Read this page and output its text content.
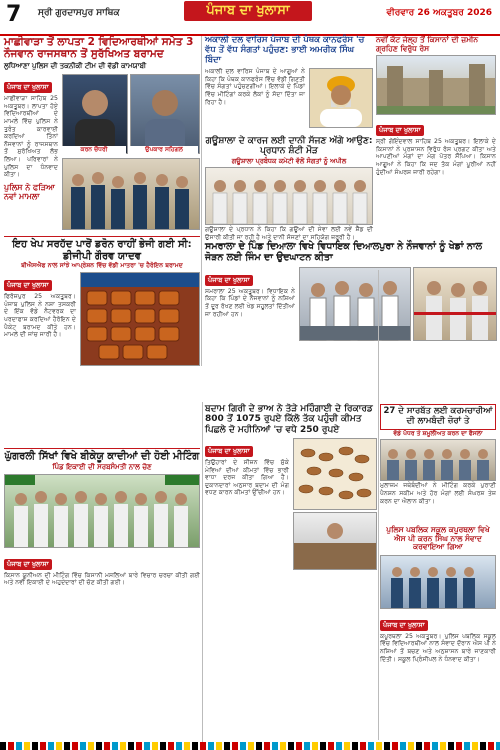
7 ਸ੍ਰੀ ਗੁਰਦਾਸਪੁਰ ਸਾਥਿਕ	ਪੰਜਾਬ ਦਾ ਖੁਲਾਸਾ	ਵੀਰਵਾਰ 26 ਅਕਤੂਬਰ 2026
ਮਾਛੀਵਾੜਾ ਤੋਂ ਲਾਪਤਾ 2 ਵਿਦਿਆਰਥੀਆਂ ਸਮੇਤ 3 ਨੌਜਵਾਨ ਰਾਜਸਥਾਨ ਤੋਂ ਸੁਰੱਖਿਅਤ ਬਰਾਮਦ
ਲੁਧਿਆਣਾ ਪੁਲਿਸ ਦੀ ਤਕਨੀਕੀ ਟੀਮ ਦੀ ਵੱਡੀ ਕਾਮਯਾਬੀ
ਪੰਜਾਬ ਦਾ ਖੁਲਾਸਾ
ਮਾਛੀਵਾੜਾ ਸਾਹਿਬ 25 ਅਕਤੂਬਰ। ਲਾਪਤਾ ਹੋਏ ਵਿਦਿਆਰਥੀਆਂ ਦੇ ਮਾਮਲੇ ਵਿੱਚ ਪੁਲਿਸ ਨੇ ਤੁਰੰਤ ਕਾਰਵਾਈ ਕਰਦਿਆਂ ਤਿੰਨਾਂ ਨੌਜਵਾਨਾਂ ਨੂੰ ਰਾਜਸਥਾਨ ਤੋਂ ਸੁਰੱਖਿਅਤ ਲੱਭ ਲਿਆ। ਪਰਿਵਾਰਾਂ ਨੇ ਪੁਲਿਸ ਦਾ ਧੰਨਵਾਦ ਕੀਤਾ।
ਪੁਲਿਸ ਨੇ ਫੜਿਆ ਨਵਾਂ ਮਾਮਲਾ
ਕਰਨ ਚੌਧਰੀ	ਉਪਕਾਰ ਸਹਿਗਲ
ਅਕਾਲੀ ਦਲ ਵਾਰਿਸ ਪੰਜਾਬ ਦੀ ਪੰਥਕ ਕਾਨਫਰੰਸ 'ਚ ਵੱਧ ਤੋਂ ਵੱਧ ਸੰਗਤਾਂ ਪਹੁੰਚਣ: ਭਾਈ ਅਮਰੀਕ ਸਿੰਘ ਬਿੰਦਾ
ਅਕਾਲੀ ਦਲ ਵਾਰਿਸ ਪੰਜਾਬ ਦੇ ਆਗੂਆਂ ਨੇ ਕਿਹਾ ਕਿ ਪੰਥਕ ਕਾਨਫਰੰਸ ਵਿੱਚ ਵੱਡੀ ਗਿਣਤੀ ਵਿੱਚ ਸੰਗਤਾਂ ਪਹੁੰਚਣਗੀਆਂ। ਇਲਾਕੇ ਦੇ ਪਿੰਡਾਂ ਵਿੱਚ ਮੀਟਿੰਗਾਂ ਕਰਕੇ ਲੋਕਾਂ ਨੂੰ ਸੱਦਾ ਦਿੱਤਾ ਜਾ ਰਿਹਾ ਹੈ।
ਨਵੀਂ ਕੋਟ ਜੇਲ੍ਹ ਤੋਂ ਕਿਸਾਨਾਂ ਦੀ ਜ਼ਮੀਨ ਗ੍ਰਹਿਣ ਵਿਰੁੱਧ ਰੋਸ
ਪੰਜਾਬ ਦਾ ਖੁਲਾਸਾ
ਸ੍ਰੀ ਗੋਇੰਦਵਾਲ ਸਾਹਿਬ 25 ਅਕਤੂਬਰ। ਇਲਾਕੇ ਦੇ ਕਿਸਾਨਾਂ ਨੇ ਪ੍ਰਸ਼ਾਸਨ ਵਿਰੁੱਧ ਰੋਸ ਪ੍ਰਗਟ ਕੀਤਾ ਅਤੇ ਆਪਣੀਆਂ ਮੰਗਾਂ ਦਾ ਮੰਗ ਪੱਤਰ ਸੌਂਪਿਆ। ਕਿਸਾਨ ਆਗੂਆਂ ਨੇ ਕਿਹਾ ਕਿ ਜਦ ਤੱਕ ਮੰਗਾਂ ਪੂਰੀਆਂ ਨਹੀਂ ਹੁੰਦੀਆਂ ਸੰਘਰਸ਼ ਜਾਰੀ ਰਹੇਗਾ।
ਗਊਸ਼ਾਲਾ ਦੇ ਕਾਰਜ ਲਈ ਦਾਨੀ ਸੱਜਣ ਅੱਗੇ ਆਉਣ: ਪ੍ਰਧਾਨ ਸ਼ੰਟੀ ਮੌੜ
ਗਊਸ਼ਾਲਾ ਪ੍ਰਬੰਧਕ ਕਮੇਟੀ ਵੱਲੋਂ ਸੰਗਤਾਂ ਨੂੰ ਅਪੀਲ
ਗਊਸ਼ਾਲਾ ਦੇ ਪ੍ਰਧਾਨ ਨੇ ਕਿਹਾ ਕਿ ਗਊਆਂ ਦੀ ਸੇਵਾ ਲਈ ਨਵੇਂ ਸ਼ੈੱਡ ਦੀ ਉਸਾਰੀ ਕੀਤੀ ਜਾ ਰਹੀ ਹੈ ਅਤੇ ਦਾਨੀ ਸੱਜਣਾਂ ਦਾ ਸਹਿਯੋਗ ਜ਼ਰੂਰੀ ਹੈ।
ਇਹ ਖੇਪ ਸਰਹੱਦ ਪਾਰੋਂ ਡਰੋਨ ਰਾਹੀਂ ਭੇਜੀ ਗਈ ਸੀ: ਡੀਜੀਪੀ ਗੌਰਵ ਯਾਦਵ
ਬੀਐਸਐਫ ਨਾਲ ਸਾਂਝੇ ਆਪ੍ਰੇਸ਼ਨ ਵਿੱਚ ਵੱਡੀ ਮਾਤਰਾ 'ਚ ਹੈਰੋਇਨ ਬਰਾਮਦ
ਪੰਜਾਬ ਦਾ ਖੁਲਾਸਾ
ਫਿਰੋਜ਼ਪੁਰ 25 ਅਕਤੂਬਰ। ਪੰਜਾਬ ਪੁਲਿਸ ਨੇ ਨਸ਼ਾ ਤਸਕਰੀ ਦੇ ਇੱਕ ਵੱਡੇ ਨੈਟਵਰਕ ਦਾ ਪਰਦਾਫਾਸ਼ ਕਰਦਿਆਂ ਹੈਰੋਇਨ ਦੇ ਪੈਕੇਟ ਬਰਾਮਦ ਕੀਤੇ ਹਨ। ਮਾਮਲੇ ਦੀ ਜਾਂਚ ਜਾਰੀ ਹੈ।
ਸਮਰਾਲਾ ਦੇ ਪਿੰਡ ਦਿਆਲਾ ਵਿਖੇ ਵਿਧਾਇਕ ਦਿਆਲਪੁਰਾ ਨੇ ਨੌਜਵਾਨਾਂ ਨੂੰ ਖੇਡਾਂ ਨਾਲ ਜੋੜਨ ਲਈ ਜਿੰਮ ਦਾ ਉਦਘਾਟਨ ਕੀਤਾ
ਪੰਜਾਬ ਦਾ ਖੁਲਾਸਾ
ਸਮਰਾਲਾ 25 ਅਕਤੂਬਰ। ਵਿਧਾਇਕ ਨੇ ਕਿਹਾ ਕਿ ਪਿੰਡਾਂ ਦੇ ਨੌਜਵਾਨਾਂ ਨੂੰ ਨਸ਼ਿਆਂ ਤੋਂ ਦੂਰ ਰੱਖਣ ਲਈ ਖੇਡ ਸਹੂਲਤਾਂ ਦਿੱਤੀਆਂ ਜਾ ਰਹੀਆਂ ਹਨ।
ਬਦਾਮ ਗਿਰੀ ਦੇ ਭਾਅ ਨੇ ਤੋੜੇ ਮਹਿੰਗਾਈ ਦੇ ਰਿਕਾਰਡ 800 ਤੋਂ 1075 ਰੁਪਏ ਕਿੱਲੋ ਤੱਕ ਪਹੁੰਚੀ ਕੀਮਤ ਪਿਛਲੇ ਦੋ ਮਹੀਨਿਆਂ 'ਚ ਵਧੇ 250 ਰੁਪਏ
ਪੰਜਾਬ ਦਾ ਖੁਲਾਸਾ
ਤਿਉਹਾਰਾਂ ਦੇ ਸੀਜ਼ਨ ਵਿੱਚ ਸੁੱਕੇ ਮੇਵਿਆਂ ਦੀਆਂ ਕੀਮਤਾਂ ਵਿੱਚ ਭਾਰੀ ਵਾਧਾ ਦਰਜ ਕੀਤਾ ਗਿਆ ਹੈ। ਦੁਕਾਨਦਾਰਾਂ ਅਨੁਸਾਰ ਬਦਾਮ ਦੀ ਮੰਗ ਵਧਣ ਕਾਰਨ ਕੀਮਤਾਂ ਉੱਚੀਆਂ ਹਨ।
ਘੁੱਗਰਲੀ ਸਿੱਖਾਂ ਵਿਖੇ ਬੀਕੇਯੂ ਕਾਦੀਆਂ ਦੀ ਹੋਈ ਮੀਟਿੰਗ
ਪਿੰਡ ਇਕਾਈ ਦੀ ਸਰਬਸੰਮਤੀ ਨਾਲ ਚੋਣ
ਪੰਜਾਬ ਦਾ ਖੁਲਾਸਾ
ਕਿਸਾਨ ਯੂਨੀਅਨ ਦੀ ਮੀਟਿੰਗ ਵਿੱਚ ਕਿਸਾਨੀ ਮਸਲਿਆਂ ਬਾਰੇ ਵਿਚਾਰ ਚਰਚਾ ਕੀਤੀ ਗਈ ਅਤੇ ਨਵੀਂ ਇਕਾਈ ਦੇ ਅਹੁਦੇਦਾਰਾਂ ਦੀ ਚੋਣ ਕੀਤੀ ਗਈ।
27 ਦੇ ਸਾਰਬੱਤ ਲਈ ਕਰਮਚਾਰੀਆਂ ਦੀ ਲਾਮਬੰਦੀ ਜ਼ੋਰਾਂ ਤੇ
ਵੱਡੇ ਪੱਧਰ ਤੇ ਸ਼ਮੂਲੀਅਤ ਕਰਨ ਦਾ ਫੈਸਲਾ
ਮੁਲਾਜ਼ਮ ਜਥੇਬੰਦੀਆਂ ਨੇ ਮੀਟਿੰਗ ਕਰਕੇ ਪੁਰਾਣੀ ਪੈਨਸ਼ਨ ਸਕੀਮ ਅਤੇ ਹੋਰ ਮੰਗਾਂ ਲਈ ਸੰਘਰਸ਼ ਤੇਜ਼ ਕਰਨ ਦਾ ਐਲਾਨ ਕੀਤਾ।
ਪੁਲਿਸ ਪਬਲਿਕ ਸਕੂਲ ਕਪੂਰਥਲਾ ਵਿਖੇ ਐਸ ਪੀ ਕਰਨ ਸਿੰਘ ਨਾਲ ਸੰਵਾਦ ਕਰਵਾਇਆ ਗਿਆ
ਪੰਜਾਬ ਦਾ ਖੁਲਾਸਾ
ਕਪੂਰਥਲਾ 25 ਅਕਤੂਬਰ। ਪੁਲਿਸ ਪਬਲਿਕ ਸਕੂਲ ਵਿੱਚ ਵਿਦਿਆਰਥੀਆਂ ਨਾਲ ਸੰਵਾਦ ਦੌਰਾਨ ਐਸ ਪੀ ਨੇ ਨਸ਼ਿਆਂ ਤੋਂ ਬਚਣ ਅਤੇ ਅਨੁਸ਼ਾਸਨ ਬਾਰੇ ਜਾਣਕਾਰੀ ਦਿੱਤੀ। ਸਕੂਲ ਪ੍ਰਿੰਸੀਪਲ ਨੇ ਧੰਨਵਾਦ ਕੀਤਾ।
